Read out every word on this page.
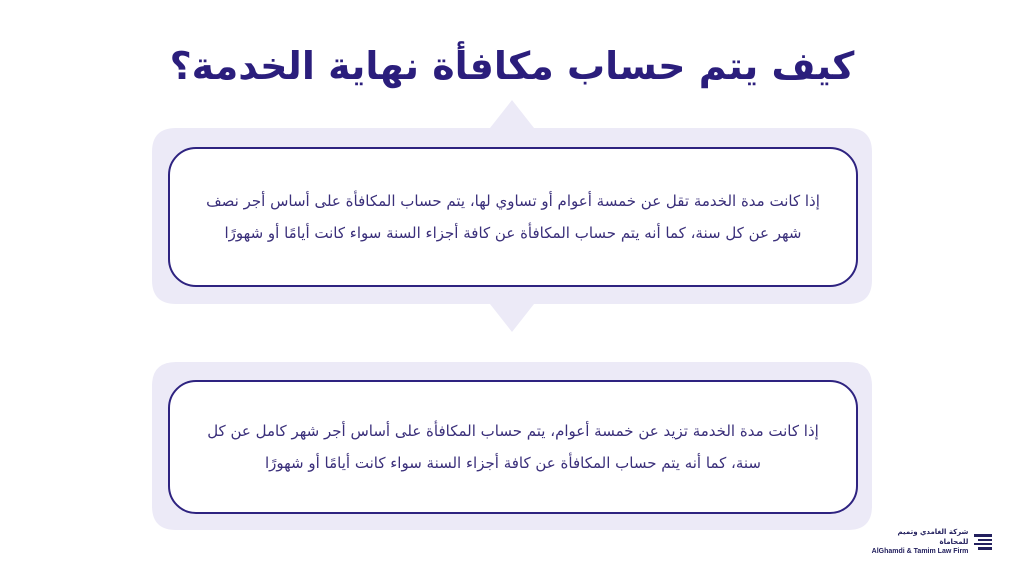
كيف يتم حساب مكافأة نهاية الخدمة؟

إذا كانت مدة الخدمة تقل عن خمسة أعوام أو تساوي لها، يتم حساب المكافأة على أساس أجر نصف شهر عن كل سنة، كما أنه يتم حساب المكافأة عن كافة أجزاء السنة سواء كانت أيامًا أو شهورًا

إذا كانت مدة الخدمة تزيد عن خمسة أعوام، يتم حساب المكافأة على أساس أجر شهر كامل عن كل سنة، كما أنه يتم حساب المكافأة عن كافة أجزاء السنة سواء كانت أيامًا أو شهورًا

شركة الغامدي وتميم للمحاماة
AlGhamdi & Tamim Law Firm
